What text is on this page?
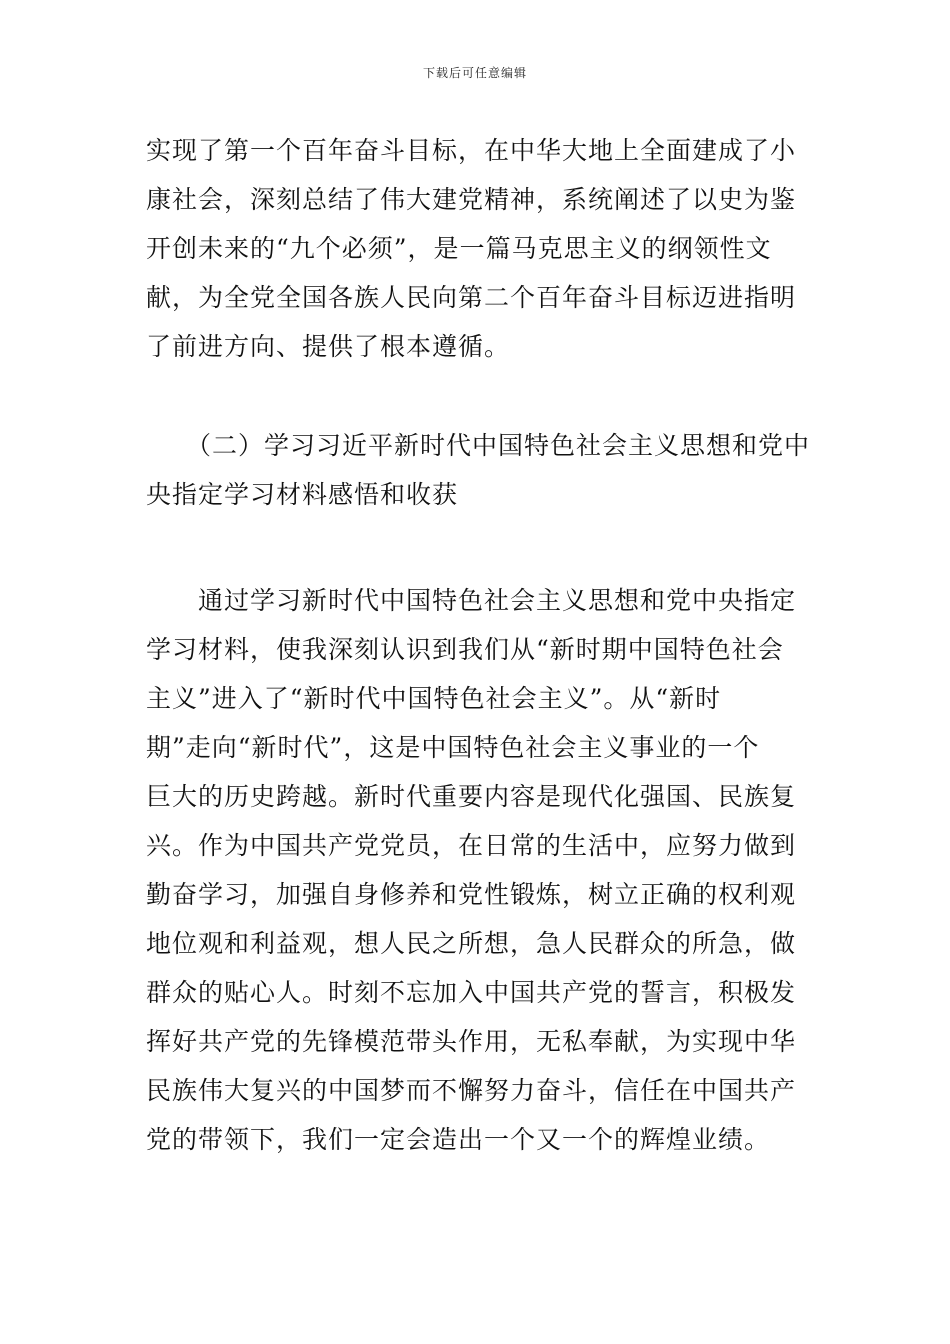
下载后可任意编辑
实现了第一个百年奋斗目标，在中华大地上全面建成了小
康社会，深刻总结了伟大建党精神，系统阐述了以史为鉴
开创未来的“九个必须”，是一篇马克思主义的纲领性文
献，为全党全国各族人民向第二个百年奋斗目标迈进指明
了前进方向、提供了根本遵循。
（二）学习习近平新时代中国特色社会主义思想和党中
央指定学习材料感悟和收获
通过学习新时代中国特色社会主义思想和党中央指定
学习材料，使我深刻认识到我们从“新时期中国特色社会
主义”进入了“新时代中国特色社会主义”。从“新时
期”走向“新时代”，这是中国特色社会主义事业的一个
巨大的历史跨越。新时代重要内容是现代化强国、民族复
兴。作为中国共产党党员，在日常的生活中，应努力做到
勤奋学习，加强自身修养和党性锻炼，树立正确的权利观
地位观和利益观，想人民之所想，急人民群众的所急，做
群众的贴心人。时刻不忘加入中国共产党的誓言，积极发
挥好共产党的先锋模范带头作用，无私奉献，为实现中华
民族伟大复兴的中国梦而不懈努力奋斗，信任在中国共产
党的带领下，我们一定会造出一个又一个的辉煌业绩。
